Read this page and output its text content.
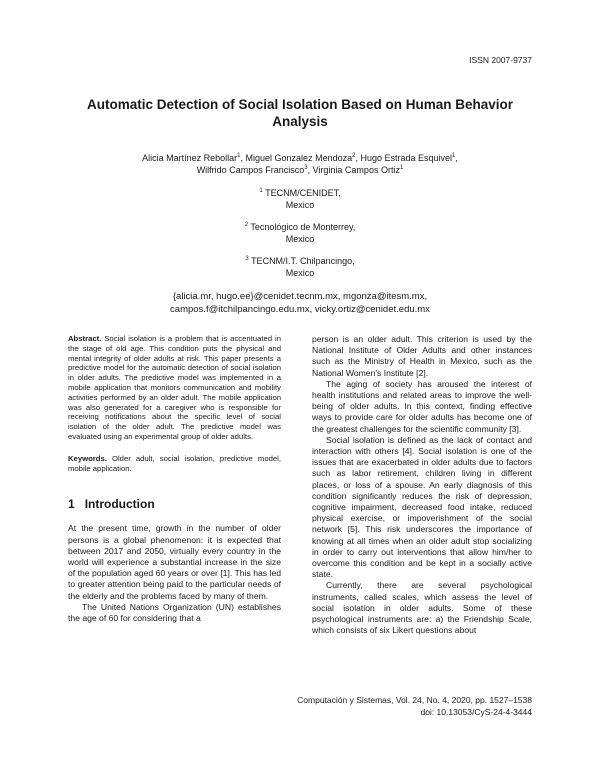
ISSN 2007-9737
Automatic Detection of Social Isolation Based on Human Behavior Analysis
Alicia Martínez Rebollar$^1$, Miguel Gonzalez Mendoza$^2$, Hugo Estrada Esquivel$^1$,
Wilfrido Campos Francisco$^3$, Virginia Campos Ortiz$^1$
$^1$ TECNM/CENIDET,
Mexico
$^2$ Tecnológico de Monterrey,
Mexico
$^3$ TECNM/I.T. Chilpancingo,
Mexico
{alicia.mr, hugo.ee}@cenidet.tecnm.mx, mgonza@itesm.mx,
campos.f@itchilpancingo.edu.mx, vicky.ortiz@cenidet.edu.mx

Abstract. Social isolation is a problem that is accentuated in the stage of old age. This condition puts the physical and mental integrity of older adults at risk. This paper presents a predictive model for the automatic detection of social isolation in older adults. The predictive model was implemented in a mobile application that monitors communication and mobility activities performed by an older adult. The mobile application was also generated for a caregiver who is responsible for receiving notifications about the specific level of social isolation of the older adult. The predictive model was evaluated using an experimental group of older adults.

Keywords. Older adult, social isolation, predictive model, mobile application.

1 Introduction

At the present time, growth in the number of older persons is a global phenomenon: it is expected that between 2017 and 2050, virtually every country in the world will experience a substantial increase in the size of the population aged 60 years or over [1]. This has led to greater attention being paid to the particular needs of the elderly and the problems faced by many of them.

The United Nations Organization (UN) establishes the age of 60 for considering that a

person is an older adult. This criterion is used by the National Institute of Older Adults and other instances such as the Ministry of Health in Mexico, such as the National Women's Institute [2].

The aging of society has aroused the interest of health institutions and related areas to improve the well-being of older adults. In this context, finding effective ways to provide care for older adults has become one of the greatest challenges for the scientific community [3].

Social isolation is defined as the lack of contact and interaction with others [4]. Social isolation is one of the issues that are exacerbated in older adults due to factors such as labor retirement, children living in different places, or loss of a spouse. An early diagnosis of this condition significantly reduces the risk of depression, cognitive impairment, decreased food intake, reduced physical exercise, or impoverishment of the social network [5]. This risk underscores the importance of knowing at all times when an older adult stop socializing in order to carry out interventions that allow him/her to overcome this condition and be kept in a socially active state.

Currently, there are several psychological instruments, called scales, which assess the level of social isolation in older adults. Some of these psychological instruments are: a) the Friendship Scale, which consists of six Likert questions about

Computación y Sistemas, Vol. 24, No. 4, 2020, pp. 1527–1538
doi: 10.13053/CyS-24-4-3444
